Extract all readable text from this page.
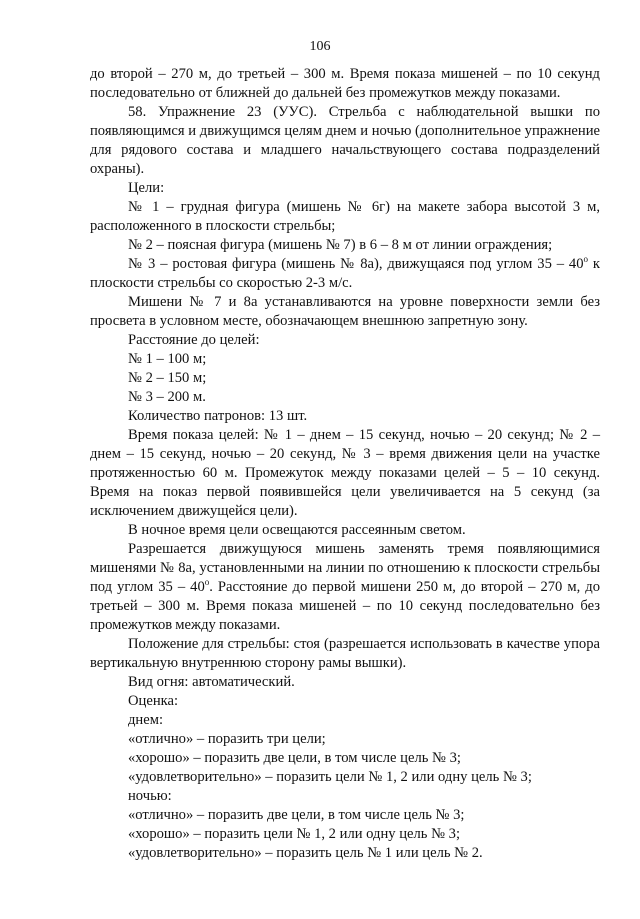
106

до второй – 270 м, до третьей – 300 м. Время показа мишеней – по 10 секунд последовательно от ближней до дальней без промежутков между показами.

58. Упражнение 23 (УУС). Стрельба с наблюдательной вышки по появляющимся и движущимся целям днем и ночью (дополнительное упражнение для рядового состава и младшего начальствующего состава подразделений охраны).

Цели:

№ 1 – грудная фигура (мишень № 6г) на макете забора высотой 3 м, расположенного в плоскости стрельбы;

№ 2 – поясная фигура (мишень № 7) в 6 – 8 м от линии ограждения;

№ 3 – ростовая фигура (мишень № 8а), движущаяся под углом 35 – 40$^o$ к плоскости стрельбы со скоростью 2-3 м/с.

Мишени № 7 и 8а устанавливаются на уровне поверхности земли без просвета в условном месте, обозначающем внешнюю запретную зону.

Расстояние до целей:

№ 1 – 100 м;

№ 2 – 150 м;

№ 3 – 200 м.

Количество патронов: 13 шт.

Время показа целей: № 1 – днем – 15 секунд, ночью – 20 секунд; № 2 – днем – 15 секунд, ночью – 20 секунд, № 3 – время движения цели на участке протяженностью 60 м. Промежуток между показами целей – 5 – 10 секунд. Время на показ первой появившейся цели увеличивается на 5 секунд (за исключением движущейся цели).

В ночное время цели освещаются рассеянным светом.

Разрешается движущуюся мишень заменять тремя появляющимися мишенями № 8а, установленными на линии по отношению к плоскости стрельбы под углом 35 – 40$^o$. Расстояние до первой мишени 250 м, до второй – 270 м, до третьей – 300 м. Время показа мишеней – по 10 секунд последовательно без промежутков между показами.

Положение для стрельбы: стоя (разрешается использовать в качестве упора вертикальную внутреннюю сторону рамы вышки).

Вид огня: автоматический.

Оценка:

днем:

«отлично» – поразить три цели;

«хорошо» – поразить две цели, в том числе цель № 3;

«удовлетворительно» – поразить цели № 1, 2 или одну цель № 3;

ночью:

«отлично» – поразить две цели, в том числе цель № 3;

«хорошо» – поразить цели № 1, 2 или одну цель № 3;

«удовлетворительно» – поразить цель № 1 или цель № 2.
